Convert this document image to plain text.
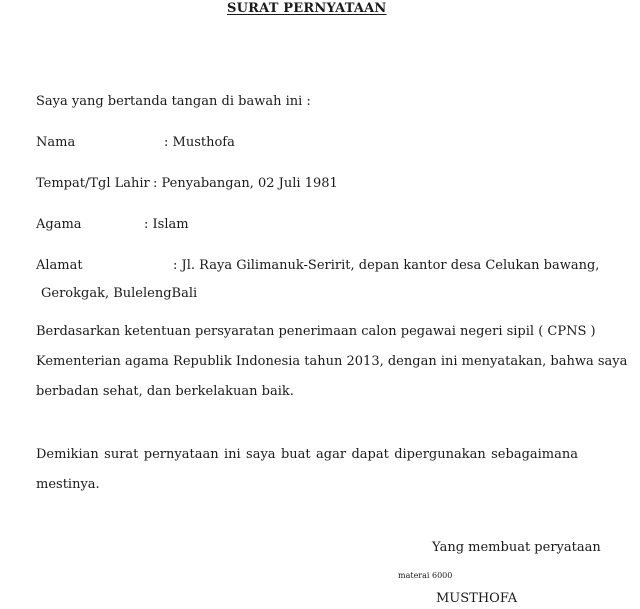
SURAT PERNYATAAN
Saya yang bertanda tangan di bawah ini :
Nama	: Musthofa
Tempat/Tgl Lahir : Penyabangan, 02 Juli 1981
Agama	: Islam
Alamat	: Jl. Raya Gilimanuk-Seririt, depan kantor desa Celukan bawang,
Gerokgak, BulelengBali
Berdasarkan ketentuan persyaratan penerimaan calon pegawai negeri sipil ( CPNS )
Kementerian agama Republik Indonesia tahun 2013, dengan ini menyatakan, bahwa saya
berbadan sehat, dan berkelakuan baik.
Demikian surat pernyataan ini saya buat agar dapat dipergunakan sebagaimana
mestinya.
Yang membuat peryataan
materai 6000
MUSTHOFA
